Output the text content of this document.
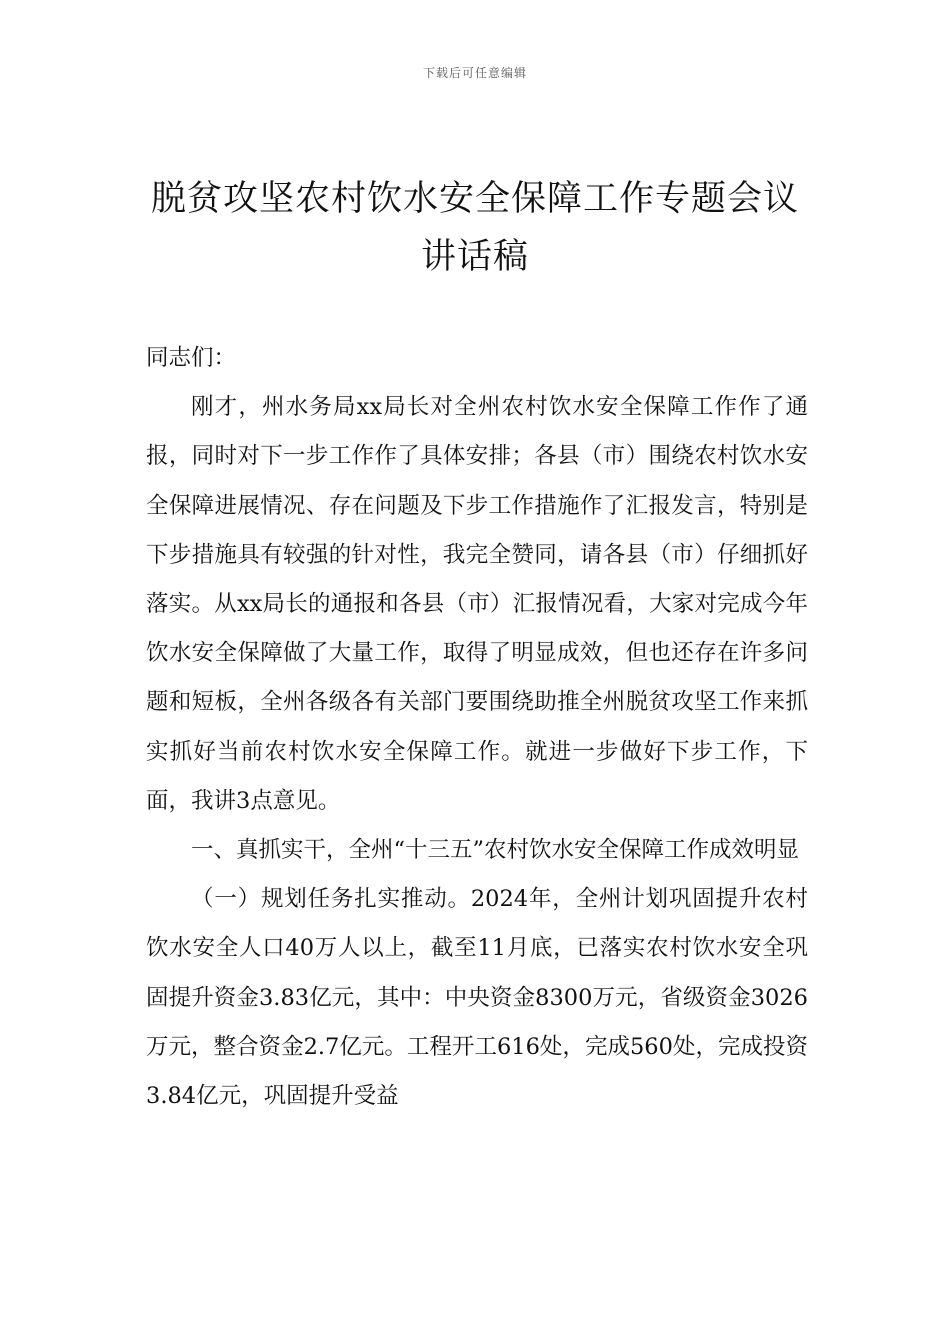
下载后可任意编辑
脱贫攻坚农村饮水安全保障工作专题会议
讲话稿

同志们：

刚才，州水务局xx局长对全州农村饮水安全保障工作作了通报，同时对下一步工作作了具体安排；各县（市）围绕农村饮水安全保障进展情况、存在问题及下步工作措施作了汇报发言，特别是下步措施具有较强的针对性，我完全赞同，请各县（市）仔细抓好落实。从xx局长的通报和各县（市）汇报情况看，大家对完成今年饮水安全保障做了大量工作，取得了明显成效，但也还存在许多问题和短板，全州各级各有关部门要围绕助推全州脱贫攻坚工作来抓实抓好当前农村饮水安全保障工作。就进一步做好下步工作，下面，我讲3点意见。

一、真抓实干，全州“十三五”农村饮水安全保障工作成效明显

（一）规划任务扎实推动。2024年，全州计划巩固提升农村饮水安全人口40万人以上，截至11月底，已落实农村饮水安全巩固提升资金3.83亿元，其中：中央资金8300万元，省级资金3026万元，整合资金2.7亿元。工程开工616处，完成560处，完成投资3.84亿元，巩固提升受益
